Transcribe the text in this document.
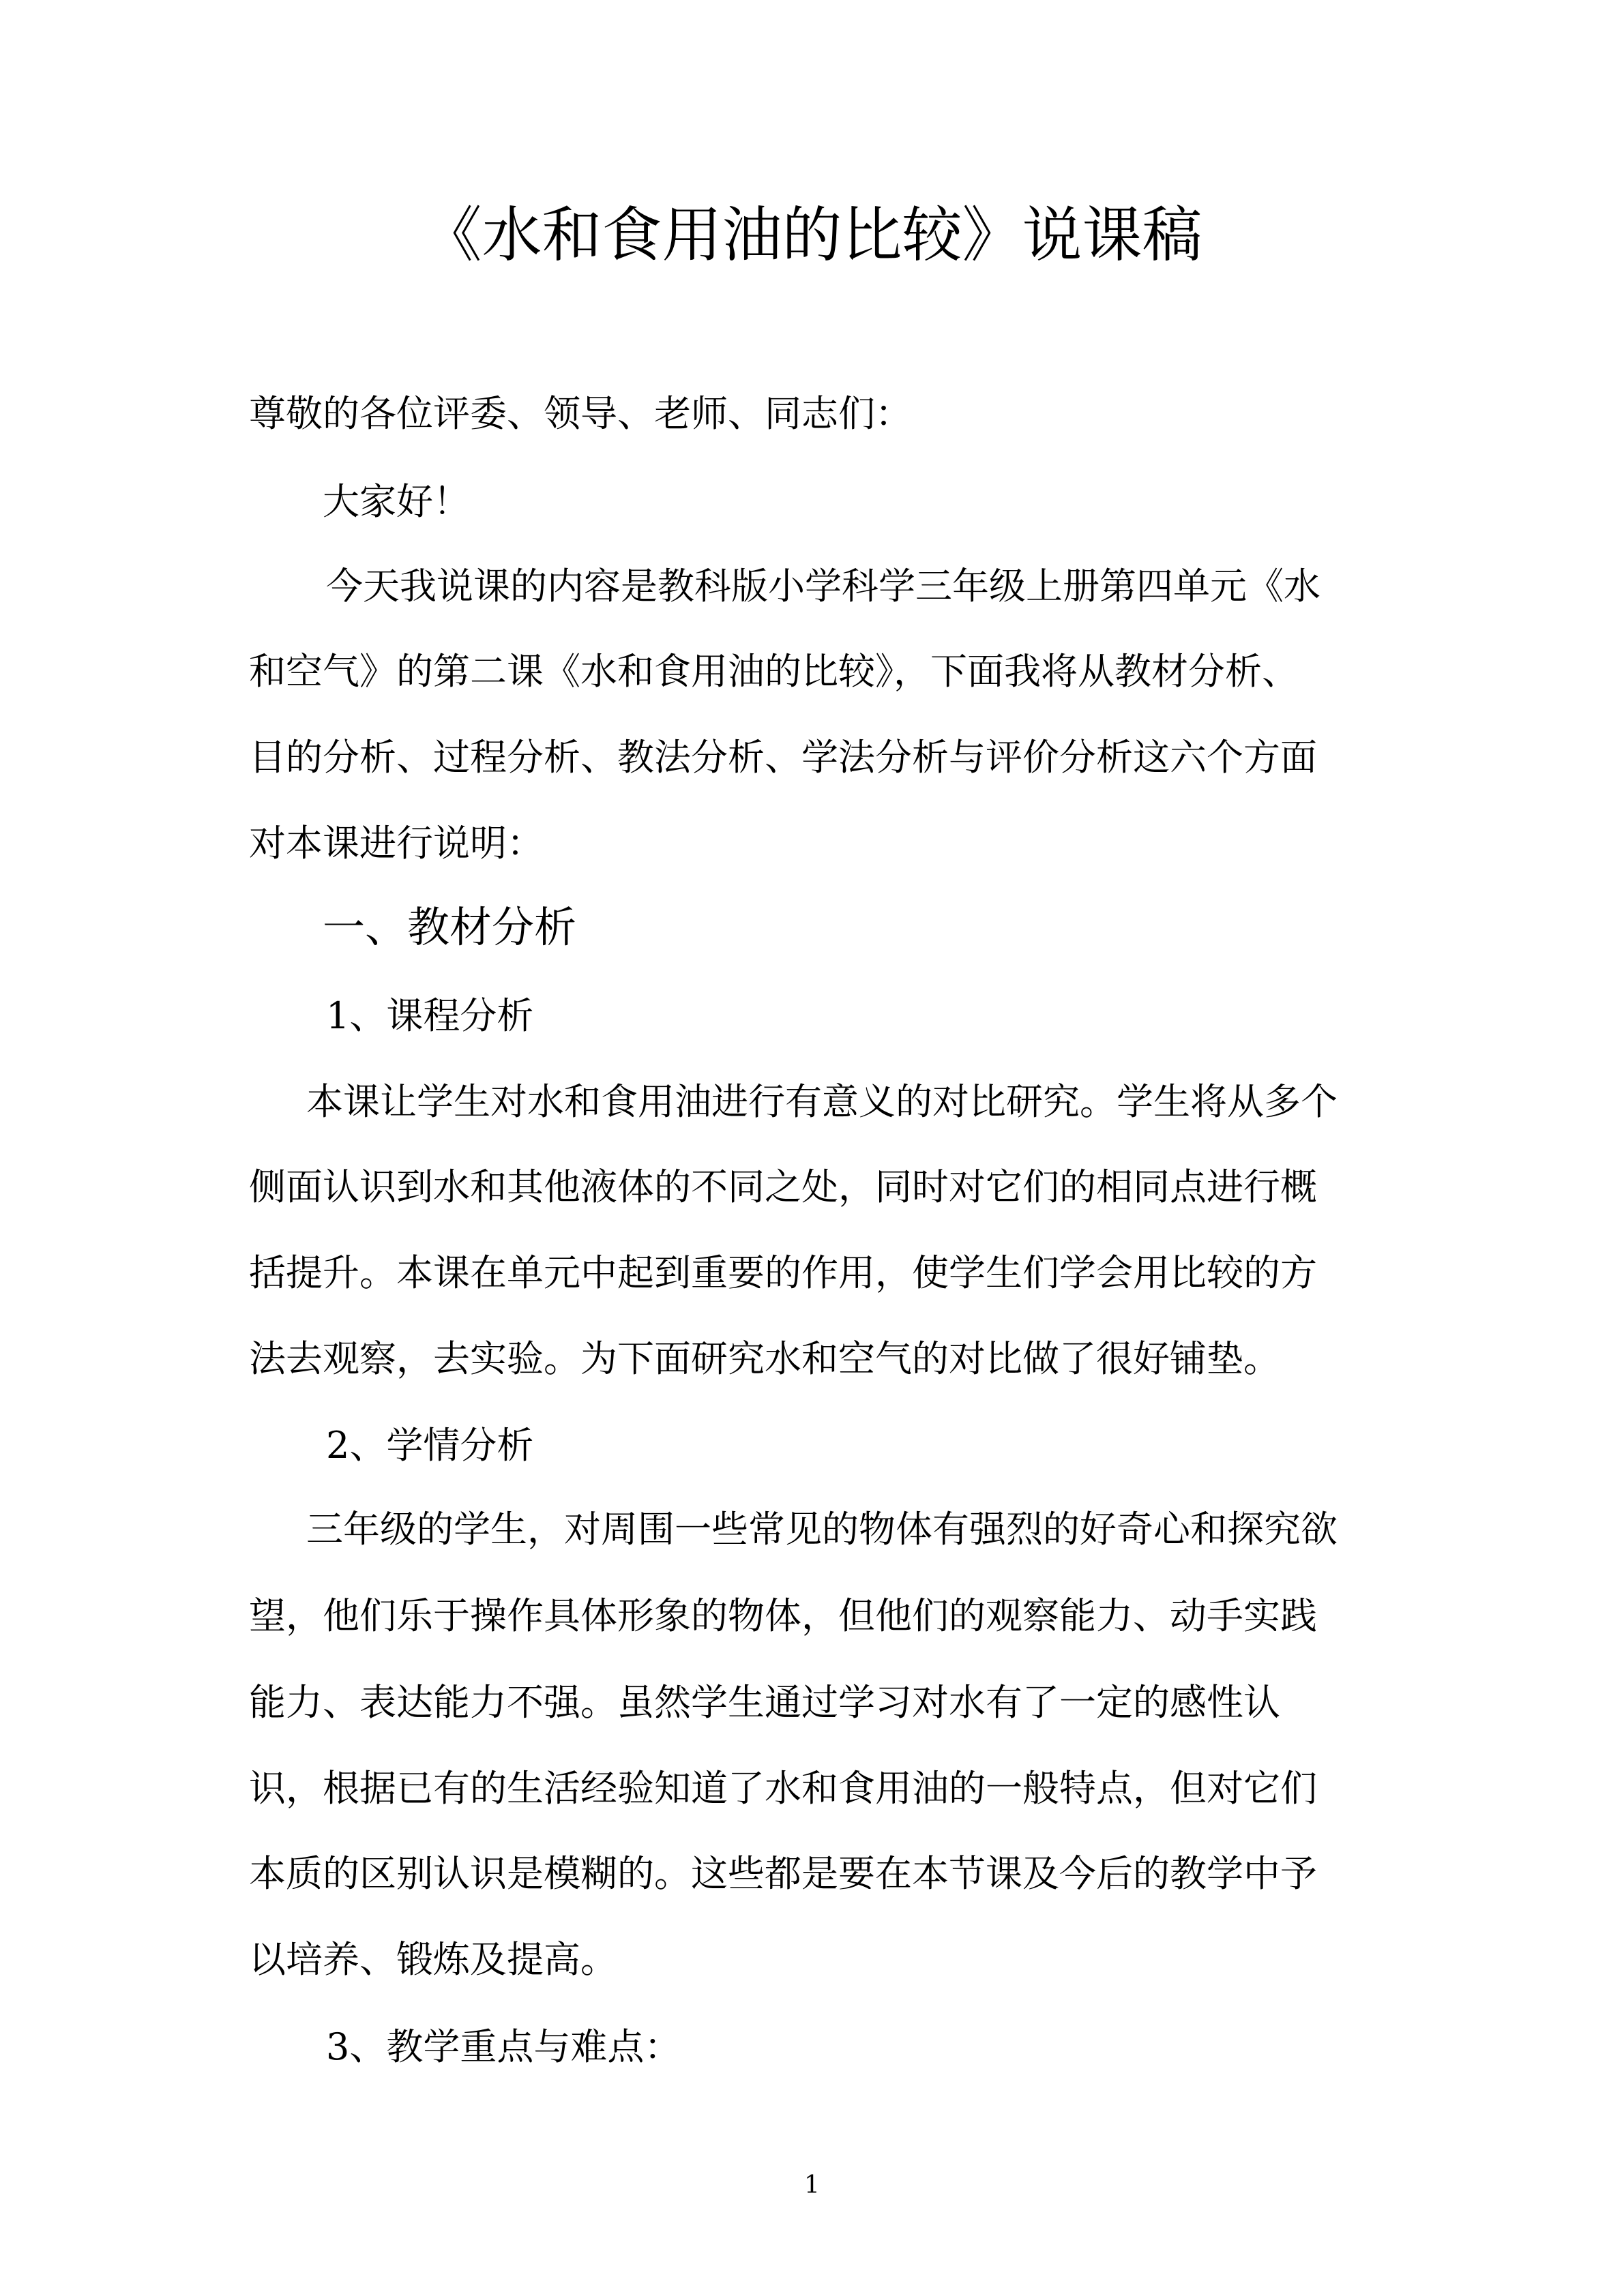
《水和食用油的比较》说课稿
尊敬的各位评委、领导、老师、同志们：
大家好！
今天我说课的内容是教科版小学科学三年级上册第四单元《水
和空气》的第二课《水和食用油的比较》，下面我将从教材分析、
目的分析、过程分析、教法分析、学法分析与评价分析这六个方面
对本课进行说明：
一、教材分析
1、课程分析
本课让学生对水和食用油进行有意义的对比研究。学生将从多个
侧面认识到水和其他液体的不同之处，同时对它们的相同点进行概
括提升。本课在单元中起到重要的作用，使学生们学会用比较的方
法去观察，去实验。为下面研究水和空气的对比做了很好铺垫。
2、学情分析
三年级的学生，对周围一些常见的物体有强烈的好奇心和探究欲
望，他们乐于操作具体形象的物体，但他们的观察能力、动手实践
能力、表达能力不强。虽然学生通过学习对水有了一定的感性认
识，根据已有的生活经验知道了水和食用油的一般特点，但对它们
本质的区别认识是模糊的。这些都是要在本节课及今后的教学中予
以培养、锻炼及提高。
3、教学重点与难点：
1
